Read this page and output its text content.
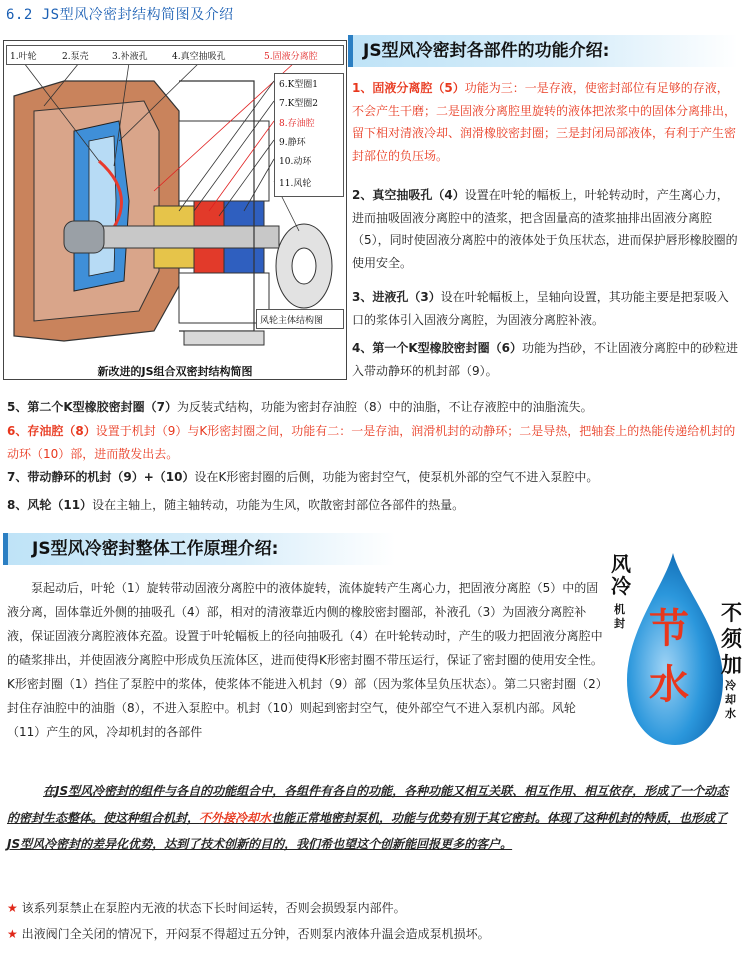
6.2 JS型风冷密封结构简图及介绍
1.叶轮	2.泵壳	3.补液孔	4.真空抽吸孔	5.固液分离腔
6.K型圈1
7.K型圈2
8.存油腔
9.静环
10.动环
11.风轮
风轮主体结构图
新改进的JS组合双密封结构简图
JS型风冷密封各部件的功能介绍:
1、固液分离腔（5）功能为三：一是存液，使密封部位有足够的存液，不会产生干磨；二是固液分离腔里旋转的液体把浓浆中的固体分离排出，留下相对清液冷却、润滑橡胶密封圈；三是封闭局部液体，有利于产生密封部位的负压场。
2、真空抽吸孔（4）设置在叶轮的幅板上，叶轮转动时，产生离心力，进而抽吸固液分离腔中的渣浆，把含固量高的渣浆抽排出固液分离腔（5），同时使固液分离腔中的液体处于负压状态，进而保护唇形橡胶圈的使用安全。
3、进液孔（3）设在叶轮幅板上，呈轴向设置，其功能主要是把泵吸入口的浆体引入固液分离腔，为固液分离腔补液。
4、第一个K型橡胶密封圈（6）功能为挡砂，不让固液分离腔中的砂粒进入带动静环的机封部（9）。
5、第二个K型橡胶密封圈（7）为反装式结构，功能为密封存油腔（8）中的油脂，不让存液腔中的油脂流失。
6、存油腔（8）设置于机封（9）与K形密封圈之间，功能有二：一是存油，润滑机封的动静环；二是导热，把轴套上的热能传递给机封的动环（10）部，进而散发出去。
7、带动静环的机封（9）+（10）设在K形密封圈的后侧，功能为密封空气，使泵机外部的空气不进入泵腔中。
8、风轮（11）设在主轴上，随主轴转动，功能为生风，吹散密封部位各部件的热量。
JS型风冷密封整体工作原理介绍:
泵起动后，叶轮（1）旋转带动固液分离腔中的液体旋转，流体旋转产生离心力，把固液分离腔（5）中的固液分离，固体靠近外侧的抽吸孔（4）部，相对的清液靠近内侧的橡胶密封圈部，补液孔（3）为固液分离腔补液，保证固液分离腔液体充盈。设置于叶轮幅板上的径向抽吸孔（4）在叶轮转动时，产生的吸力把固液分离腔中的碴浆排出，并使固液分离腔中形成负压流体区，进而使得K形密封圈不带压运行，保证了密封圈的使用安全性。K形密封圈（1）挡住了泵腔中的浆体，使浆体不能进入机封（9）部（因为浆体呈负压状态）。第二只密封圈（2）封住存油腔中的油脂（8），不进入泵腔中。机封（10）则起到密封空气，使外部空气不进入泵机内部。风轮（11）产生的风，冷却机封的各部件
风冷
机封 节
水
不须加
冷却水
在JS型风冷密封的组件与各自的功能组合中，各组件有各自的功能，各种功能又相互关联、相互作用、相互依存，形成了一个动态的密封生态整体。使这种组合机封，不外接冷却水也能正常地密封泵机，功能与优势有别于其它密封。体现了这种机封的特质，也形成了JS型风冷密封的差异化优势，达到了技术创新的目的，我们希也望这个创新能回报更多的客户。
★ 该系列泵禁止在泵腔内无液的状态下长时间运转，否则会损毁泵内部件。
★ 出液阀门全关闭的情况下，开闷泵不得超过五分钟，否则泵内液体升温会造成泵机损坏。
